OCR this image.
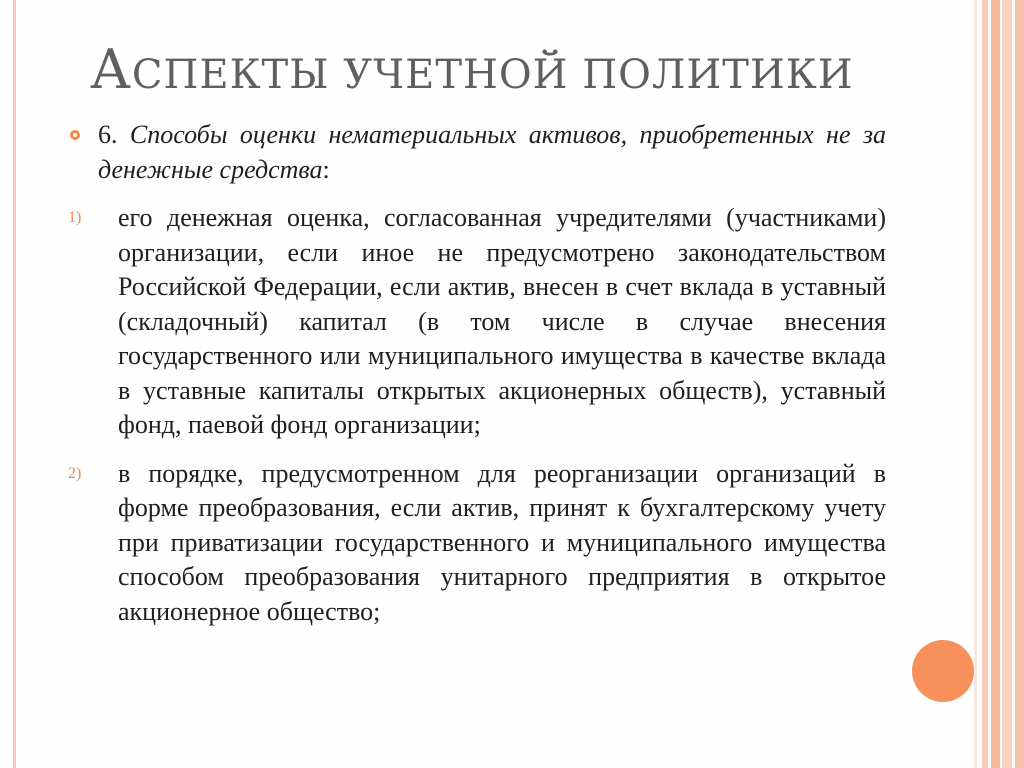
АСПЕКТЫ УЧЕТНОЙ ПОЛИТИКИ
6. Способы оценки нематериальных активов, приобретенных не за денежные средства:
1) его денежная оценка, согласованная учредителями (участниками) организации, если иное не предусмотрено законодательством Российской Федерации, если актив, внесен в счет вклада в уставный (складочный) капитал (в том числе в случае внесения государственного или муниципального имущества в качестве вклада в уставные капиталы открытых акционерных обществ), уставный фонд, паевой фонд организации;
2) в порядке, предусмотренном для реорганизации организаций в форме преобразования, если актив, принят к бухгалтерскому учету при приватизации государственного и муниципального имущества способом преобразования унитарного предприятия в открытое акционерное общество;
